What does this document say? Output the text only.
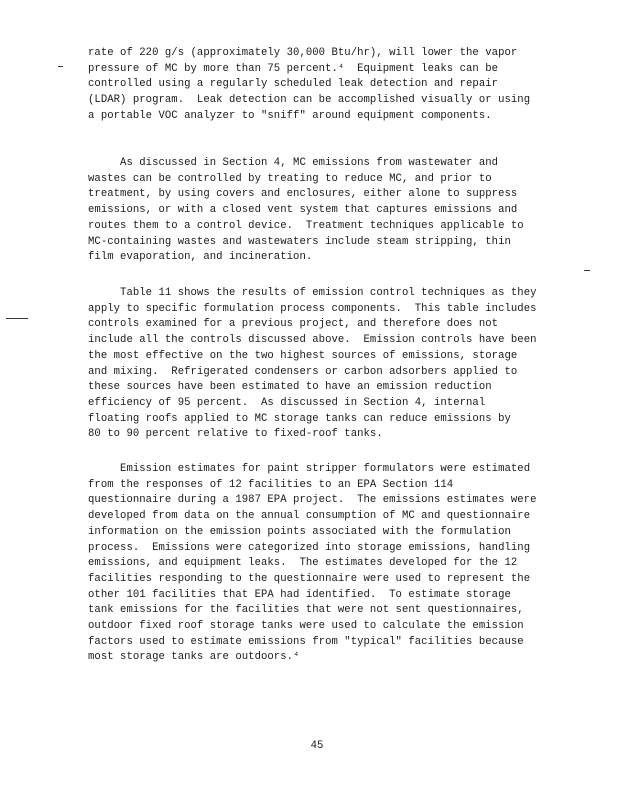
rate of 220 g/s (approximately 30,000 Btu/hr), will lower the vapor
pressure of MC by more than 75 percent.⁴  Equipment leaks can be
controlled using a regularly scheduled leak detection and repair
(LDAR) program.  Leak detection can be accomplished visually or using
a portable VOC analyzer to "sniff" around equipment components.
As discussed in Section 4, MC emissions from wastewater and
wastes can be controlled by treating to reduce MC, and prior to
treatment, by using covers and enclosures, either alone to suppress
emissions, or with a closed vent system that captures emissions and
routes them to a control device.  Treatment techniques applicable to
MC-containing wastes and wastewaters include steam stripping, thin
film evaporation, and incineration.
Table 11 shows the results of emission control techniques as they
apply to specific formulation process components.  This table includes
controls examined for a previous project, and therefore does not
include all the controls discussed above.  Emission controls have been
the most effective on the two highest sources of emissions, storage
and mixing.  Refrigerated condensers or carbon adsorbers applied to
these sources have been estimated to have an emission reduction
efficiency of 95 percent.  As discussed in Section 4, internal
floating roofs applied to MC storage tanks can reduce emissions by
80 to 90 percent relative to fixed-roof tanks.
Emission estimates for paint stripper formulators were estimated
from the responses of 12 facilities to an EPA Section 114
questionnaire during a 1987 EPA project.  The emissions estimates were
developed from data on the annual consumption of MC and questionnaire
information on the emission points associated with the formulation
process.  Emissions were categorized into storage emissions, handling
emissions, and equipment leaks.  The estimates developed for the 12
facilities responding to the questionnaire were used to represent the
other 101 facilities that EPA had identified.  To estimate storage
tank emissions for the facilities that were not sent questionnaires,
outdoor fixed roof storage tanks were used to calculate the emission
factors used to estimate emissions from "typical" facilities because
most storage tanks are outdoors.⁴
45
